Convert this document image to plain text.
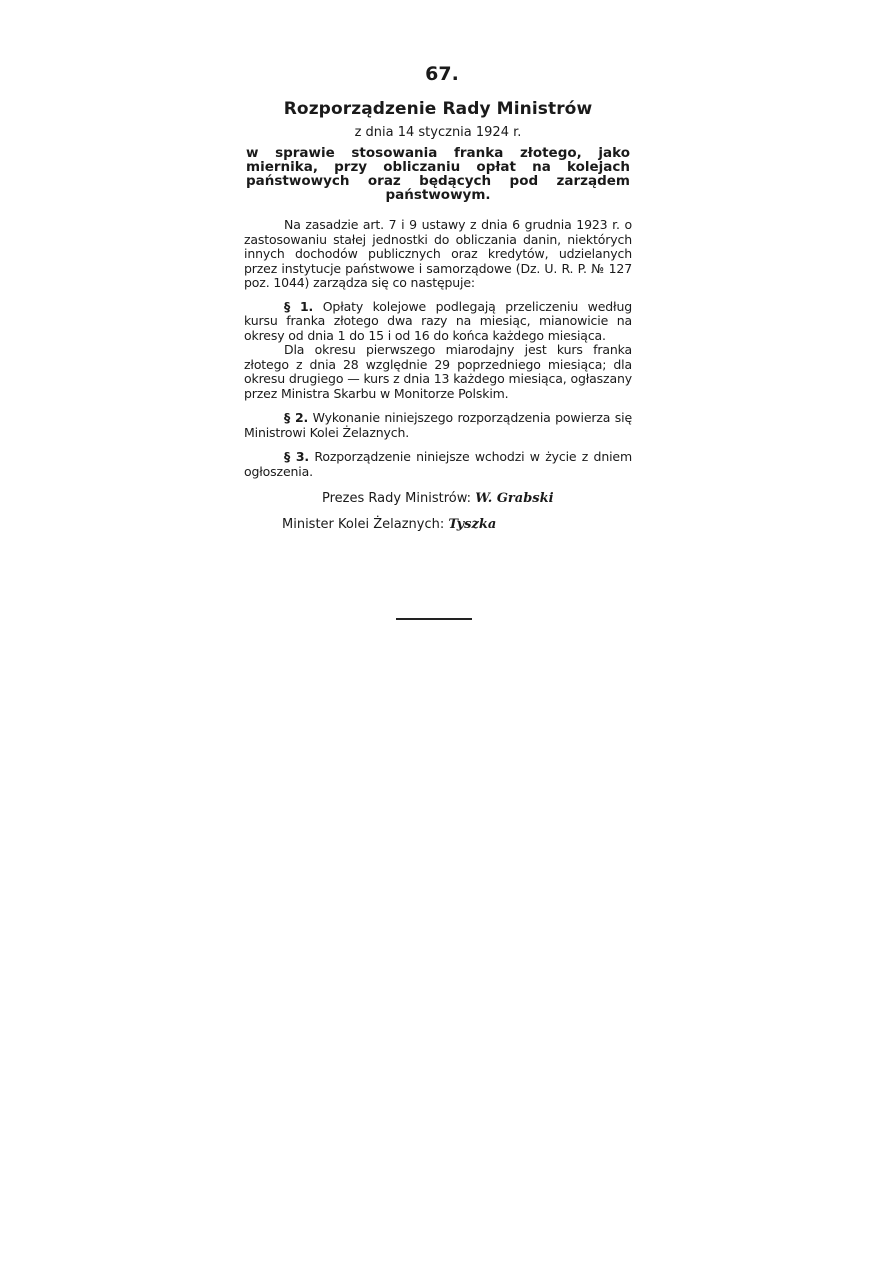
67.
Rozporządzenie Rady Ministrów
z dnia 14 stycznia 1924 r.
w sprawie stosowania franka złotego, jako miernika, przy obliczaniu opłat na kolejach państwowych oraz będących pod zarządem państwowym.

Na zasadzie art. 7 i 9 ustawy z dnia 6 grudnia 1923 r. o zastosowaniu stałej jednostki do obliczania danin, niektórych innych dochodów publicznych oraz kredytów, udzielanych przez instytucje państwowe i samorządowe (Dz. U. R. P. № 127 poz. 1044) zarządza się co następuje:

§ 1. Opłaty kolejowe podlegają przeliczeniu według kursu franka złotego dwa razy na miesiąc, mianowicie na okresy od dnia 1 do 15 i od 16 do końca każdego miesiąca.

Dla okresu pierwszego miarodajny jest kurs franka złotego z dnia 28 względnie 29 poprzedniego miesiąca; dla okresu drugiego — kurs z dnia 13 każdego miesiąca, ogłaszany przez Ministra Skarbu w Monitorze Polskim.

§ 2. Wykonanie niniejszego rozporządzenia powierza się Ministrowi Kolei Żelaznych.

§ 3. Rozporządzenie niniejsze wchodzi w życie z dniem ogłoszenia.

Prezes Rady Ministrów: W. Grabski
Minister Kolei Żelaznych: Tyszka
